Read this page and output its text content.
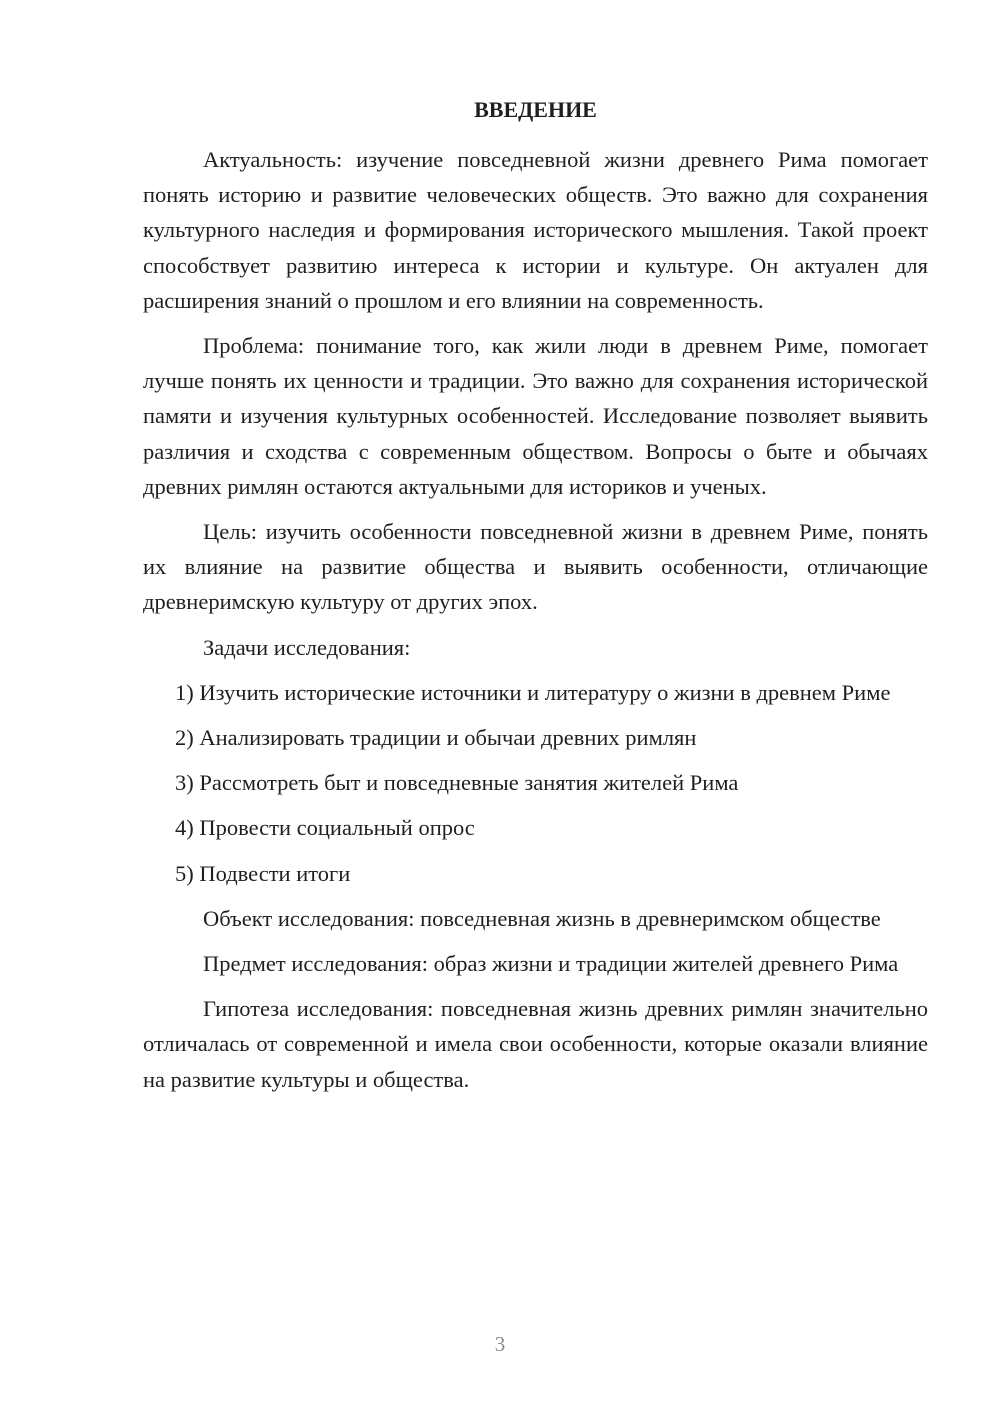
ВВЕДЕНИЕ

Актуальность: изучение повседневной жизни древнего Рима помогает понять историю и развитие человеческих обществ. Это важно для сохранения культурного наследия и формирования исторического мышления. Такой проект способствует развитию интереса к истории и культуре. Он актуален для расширения знаний о прошлом и его влиянии на современность.

Проблема: понимание того, как жили люди в древнем Риме, помогает лучше понять их ценности и традиции. Это важно для сохранения исторической памяти и изучения культурных особенностей. Исследование позволяет выявить различия и сходства с современным обществом. Вопросы о быте и обычаях древних римлян остаются актуальными для историков и ученых.

Цель: изучить особенности повседневной жизни в древнем Риме, понять их влияние на развитие общества и выявить особенности, отличающие древнеримскую культуру от других эпох.

Задачи исследования:

1) Изучить исторические источники и литературу о жизни в древнем Риме

2) Анализировать традиции и обычаи древних римлян

3) Рассмотреть быт и повседневные занятия жителей Рима

4) Провести социальный опрос

5) Подвести итоги

Объект исследования: повседневная жизнь в древнеримском обществе

Предмет исследования: образ жизни и традиции жителей древнего Рима

Гипотеза исследования: повседневная жизнь древних римлян значительно отличалась от современной и имела свои особенности, которые оказали влияние на развитие культуры и общества.

3
